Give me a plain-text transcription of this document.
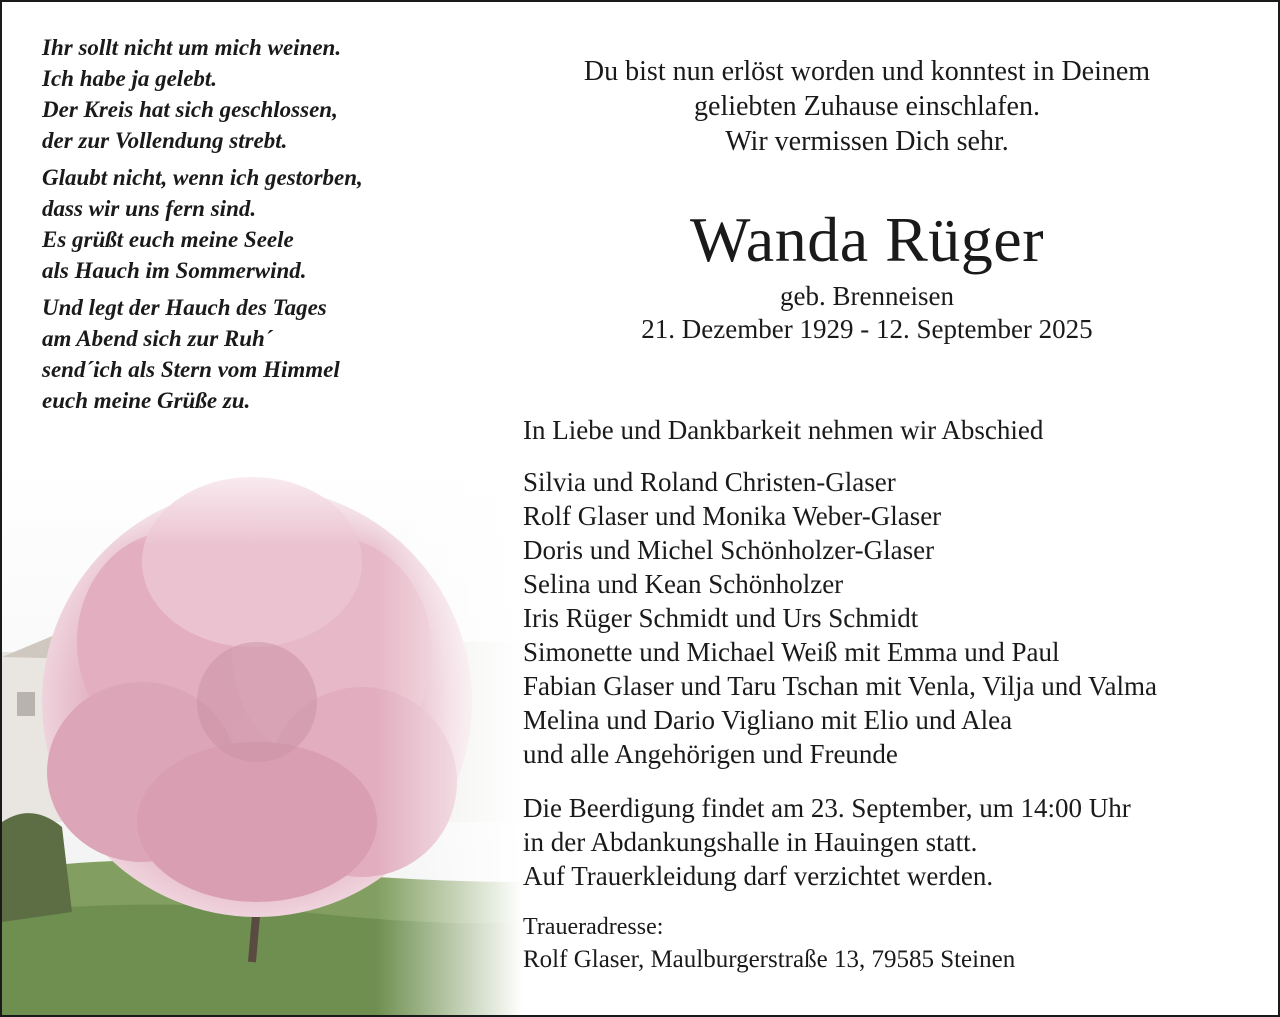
Ihr sollt nicht um mich weinen.
Ich habe ja gelebt.
Der Kreis hat sich geschlossen,
der zur Vollendung strebt.
Glaubt nicht, wenn ich gestorben,
dass wir uns fern sind.
Es grüßt euch meine Seele
als Hauch im Sommerwind.
Und legt der Hauch des Tages
am Abend sich zur Ruh´
send´ich als Stern vom Himmel
euch meine Grüße zu.
Du bist nun erlöst worden und konntest in Deinem
geliebten Zuhause einschlafen.
Wir vermissen Dich sehr.
Wanda Rüger
geb. Brenneisen
21. Dezember 1929 - 12. September 2025
In Liebe und Dankbarkeit nehmen wir Abschied
Silvia und Roland Christen-Glaser
Rolf Glaser und Monika Weber-Glaser
Doris und Michel Schönholzer-Glaser
Selina und Kean Schönholzer
Iris Rüger Schmidt und Urs Schmidt
Simonette und Michael Weiß mit Emma und Paul
Fabian Glaser und Taru Tschan mit Venla, Vilja und Valma
Melina und Dario Vigliano mit Elio und Alea
und alle Angehörigen und Freunde
Die Beerdigung findet am 23. September, um 14:00 Uhr
in der Abdankungshalle in Hauingen statt.
Auf Trauerkleidung darf verzichtet werden.
Traueradresse:
Rolf Glaser, Maulburgerstraße 13, 79585 Steinen
